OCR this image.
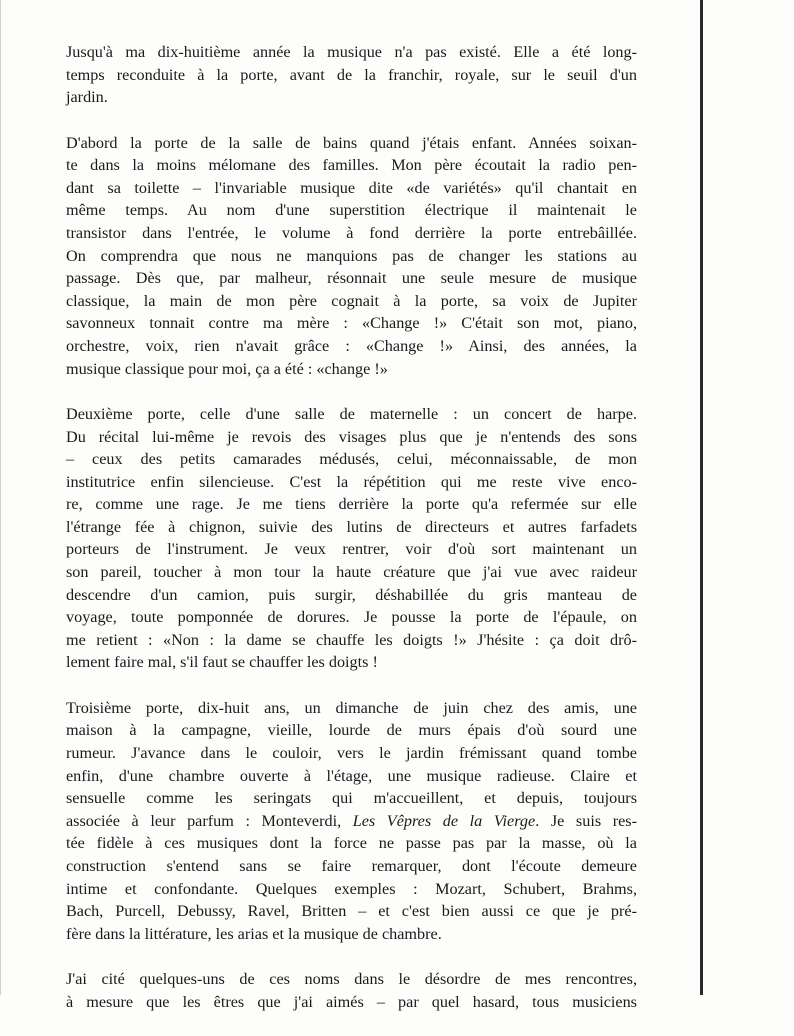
Jusqu'à ma dix-huitième année la musique n'a pas existé. Elle a été long-
temps reconduite à la porte, avant de la franchir, royale, sur le seuil d'un
jardin.
D'abord la porte de la salle de bains quand j'étais enfant. Années soixan-
te dans la moins mélomane des familles. Mon père écoutait la radio pen-
dant sa toilette – l'invariable musique dite «de variétés» qu'il chantait en
même temps. Au nom d'une superstition électrique il maintenait le
transistor dans l'entrée, le volume à fond derrière la porte entrebâillée.
On comprendra que nous ne manquions pas de changer les stations au
passage. Dès que, par malheur, résonnait une seule mesure de musique
classique, la main de mon père cognait à la porte, sa voix de Jupiter
savonneux tonnait contre ma mère : «Change !» C'était son mot, piano,
orchestre, voix, rien n'avait grâce : «Change !» Ainsi, des années, la
musique classique pour moi, ça a été : «change !»
Deuxième porte, celle d'une salle de maternelle : un concert de harpe.
Du récital lui-même je revois des visages plus que je n'entends des sons
– ceux des petits camarades médusés, celui, méconnaissable, de mon
institutrice enfin silencieuse. C'est la répétition qui me reste vive enco-
re, comme une rage. Je me tiens derrière la porte qu'a refermée sur elle
l'étrange fée à chignon, suivie des lutins de directeurs et autres farfadets
porteurs de l'instrument. Je veux rentrer, voir d'où sort maintenant un
son pareil, toucher à mon tour la haute créature que j'ai vue avec raideur
descendre d'un camion, puis surgir, déshabillée du gris manteau de
voyage, toute pomponnée de dorures. Je pousse la porte de l'épaule, on
me retient : «Non : la dame se chauffe les doigts !» J'hésite : ça doit drô-
lement faire mal, s'il faut se chauffer les doigts !
Troisième porte, dix-huit ans, un dimanche de juin chez des amis, une
maison à la campagne, vieille, lourde de murs épais d'où sourd une
rumeur. J'avance dans le couloir, vers le jardin frémissant quand tombe
enfin, d'une chambre ouverte à l'étage, une musique radieuse. Claire et
sensuelle comme les seringats qui m'accueillent, et depuis, toujours
associée à leur parfum : Monteverdi, Les Vêpres de la Vierge. Je suis res-
tée fidèle à ces musiques dont la force ne passe pas par la masse, où la
construction s'entend sans se faire remarquer, dont l'écoute demeure
intime et confondante. Quelques exemples : Mozart, Schubert, Brahms,
Bach, Purcell, Debussy, Ravel, Britten – et c'est bien aussi ce que je pré-
fère dans la littérature, les arias et la musique de chambre.
J'ai cité quelques-uns de ces noms dans le désordre de mes rencontres,
à mesure que les êtres que j'ai aimés – par quel hasard, tous musiciens
